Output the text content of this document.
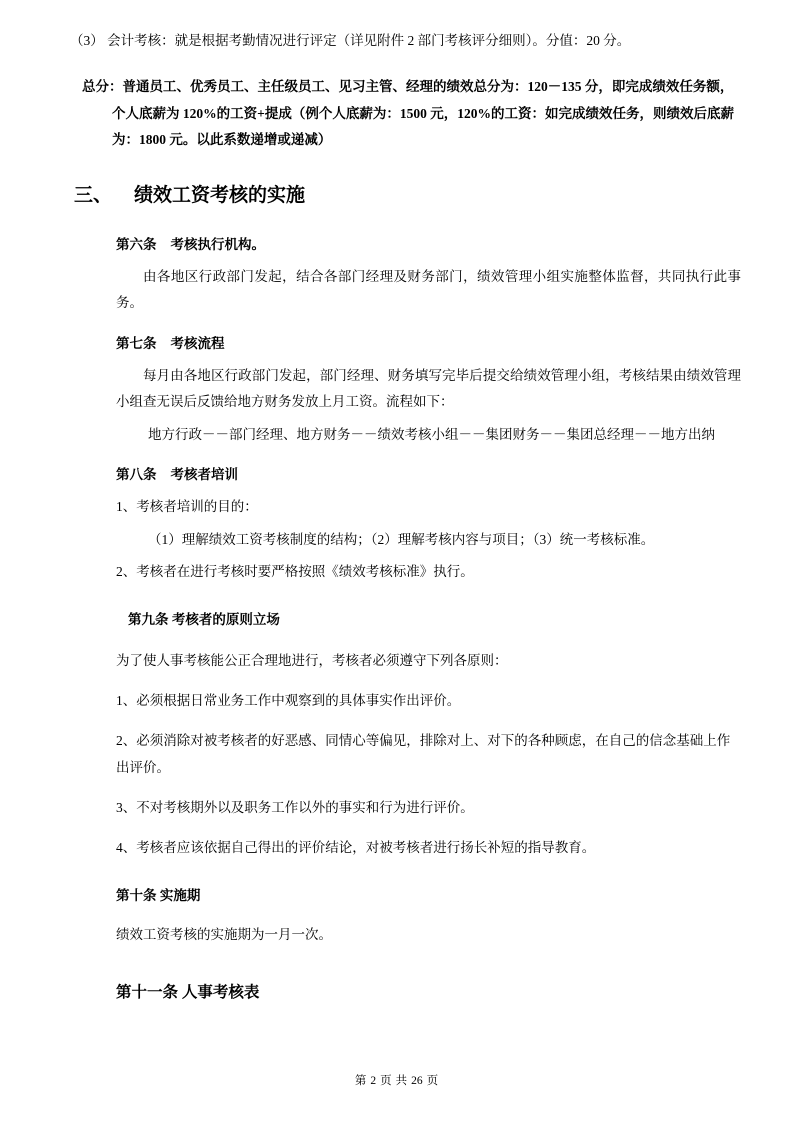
（3） 会计考核：就是根据考勤情况进行评定（详见附件 2 部门考核评分细则）。分值：20 分。

总分：普通员工、优秀员工、主任级员工、见习主管、经理的绩效总分为：120－135 分，即完成绩效任务额，个人底薪为 120%的工资+提成（例个人底薪为：1500 元，120%的工资：如完成绩效任务，则绩效后底薪为：1800 元。以此系数递增或递减）

三、 绩效工资考核的实施

第六条 考核执行机构。

由各地区行政部门发起，结合各部门经理及财务部门，绩效管理小组实施整体监督，共同执行此事务。

第七条 考核流程

每月由各地区行政部门发起，部门经理、财务填写完毕后提交给绩效管理小组，考核结果由绩效管理小组查无误后反馈给地方财务发放上月工资。流程如下：

地方行政－－部门经理、地方财务－－绩效考核小组－－集团财务－－集团总经理－－地方出纳

第八条 考核者培训

1、考核者培训的目的：

（1）理解绩效工资考核制度的结构；（2）理解考核内容与项目；（3）统一考核标准。

2、考核者在进行考核时要严格按照《绩效考核标准》执行。

第九条 考核者的原则立场

为了使人事考核能公正合理地进行，考核者必须遵守下列各原则：

1、必须根据日常业务工作中观察到的具体事实作出评价。

2、必须消除对被考核者的好恶感、同情心等偏见，排除对上、对下的各种顾虑，在自己的信念基础上作出评价。

3、不对考核期外以及职务工作以外的事实和行为进行评价。

4、考核者应该依据自己得出的评价结论，对被考核者进行扬长补短的指导教育。

第十条 实施期

绩效工资考核的实施期为一月一次。

第十一条 人事考核表

第 2 页 共 26 页
